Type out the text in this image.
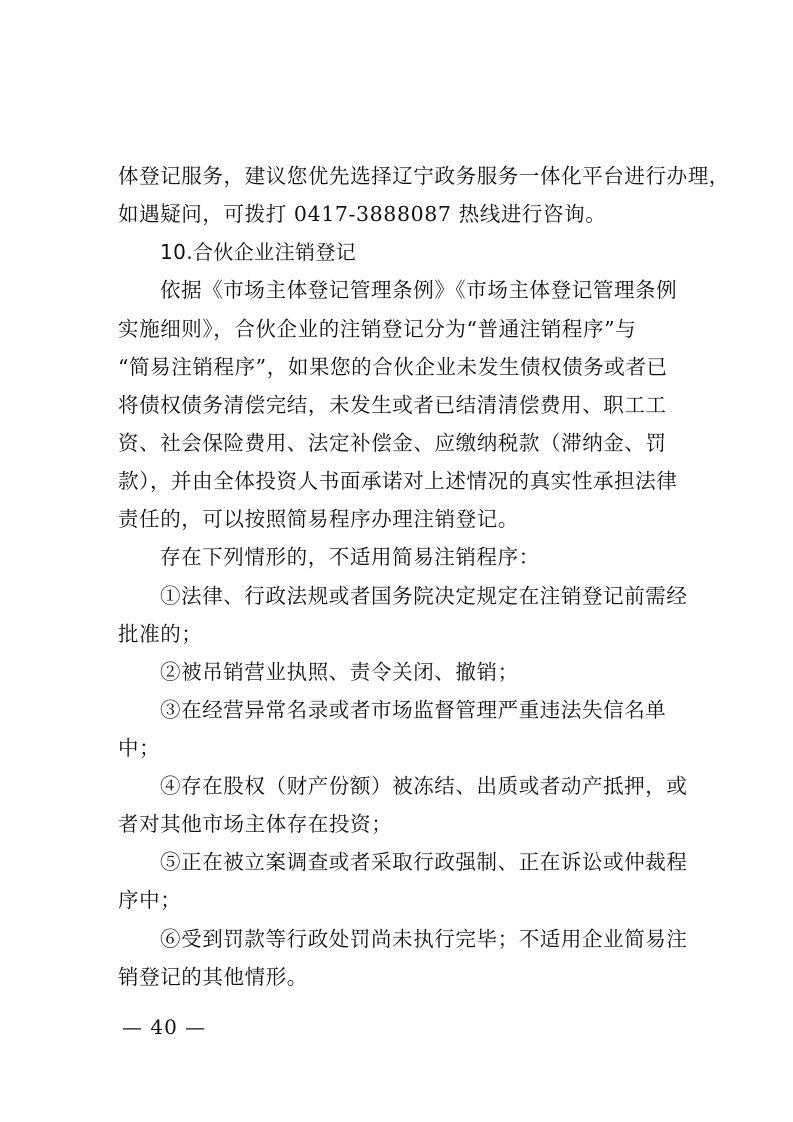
体登记服务，建议您优先选择辽宁政务服务一体化平台进行办理，
如遇疑问，可拨打 0417-3888087 热线进行咨询。
10.合伙企业注销登记
依据《市场主体登记管理条例》《市场主体登记管理条例
实施细则》，合伙企业的注销登记分为“普通注销程序”与
“简易注销程序”，如果您的合伙企业未发生债权债务或者已
将债权债务清偿完结，未发生或者已结清清偿费用、职工工
资、社会保险费用、法定补偿金、应缴纳税款（滞纳金、罚
款），并由全体投资人书面承诺对上述情况的真实性承担法律
责任的，可以按照简易程序办理注销登记。
存在下列情形的，不适用简易注销程序：
①法律、行政法规或者国务院决定规定在注销登记前需经
批准的；
②被吊销营业执照、责令关闭、撤销；
③在经营异常名录或者市场监督管理严重违法失信名单
中；
④存在股权（财产份额）被冻结、出质或者动产抵押，或
者对其他市场主体存在投资；
⑤正在被立案调查或者采取行政强制、正在诉讼或仲裁程
序中；
⑥受到罚款等行政处罚尚未执行完毕；不适用企业简易注
销登记的其他情形。
— 40 —
